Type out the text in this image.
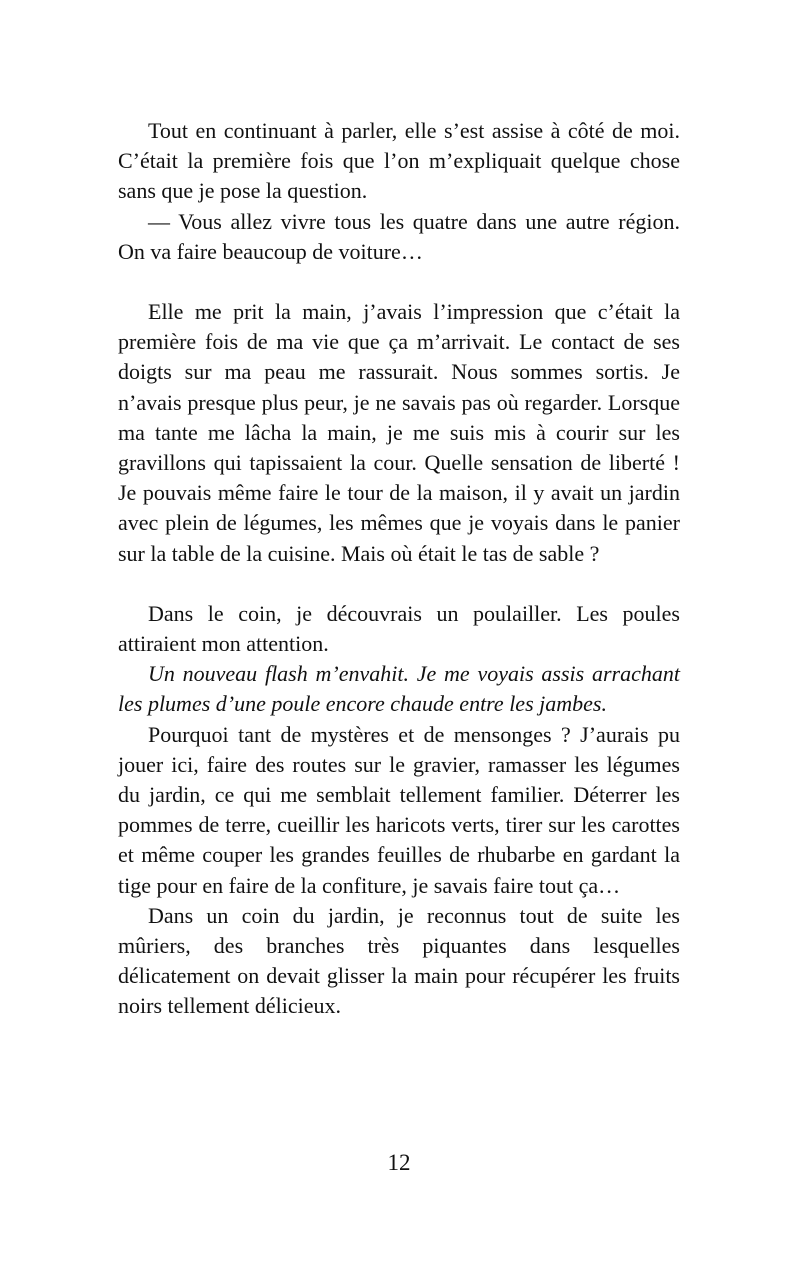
Tout en continuant à parler, elle s’est assise à côté de moi. C’était la première fois que l’on m’expliquait quelque chose sans que je pose la question.

— Vous allez vivre tous les quatre dans une autre région. On va faire beaucoup de voiture…

Elle me prit la main, j’avais l’impression que c’était la première fois de ma vie que ça m’arrivait. Le contact de ses doigts sur ma peau me rassurait. Nous sommes sortis. Je n’avais presque plus peur, je ne savais pas où regarder. Lorsque ma tante me lâcha la main, je me suis mis à courir sur les gravillons qui tapissaient la cour. Quelle sensation de liberté ! Je pouvais même faire le tour de la maison, il y avait un jardin avec plein de légumes, les mêmes que je voyais dans le panier sur la table de la cuisine. Mais où était le tas de sable ?

Dans le coin, je découvrais un poulailler. Les poules attiraient mon attention.

Un nouveau flash m’envahit. Je me voyais assis arrachant les plumes d’une poule encore chaude entre les jambes.

Pourquoi tant de mystères et de mensonges ? J’aurais pu jouer ici, faire des routes sur le gravier, ramasser les légumes du jardin, ce qui me semblait tellement familier. Déterrer les pommes de terre, cueillir les haricots verts, tirer sur les carottes et même couper les grandes feuilles de rhubarbe en gardant la tige pour en faire de la confiture, je savais faire tout ça…

Dans un coin du jardin, je reconnus tout de suite les mûriers, des branches très piquantes dans lesquelles délicatement on devait glisser la main pour récupérer les fruits noirs tellement délicieux.

12
